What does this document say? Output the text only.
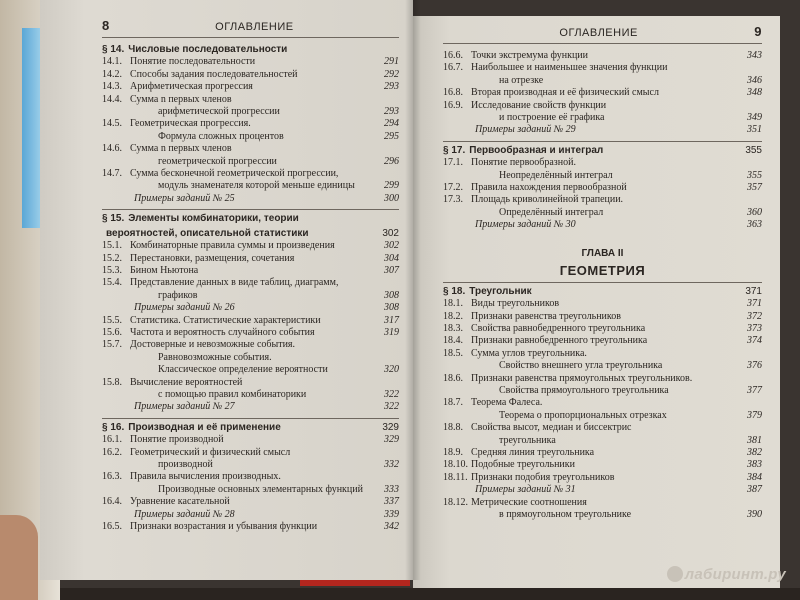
8	ОГЛАВЛЕНИЕ
§ 14. Числовые последовательности
14.1. Понятие последовательности	291
14.2. Способы задания последовательностей	292
14.3. Арифметическая прогрессия	293
14.4. Сумма n первых членов
арифметической прогрессии	293
14.5. Геометрическая прогрессия.	294
Формула сложных процентов	295
14.6. Сумма n первых членов
геометрической прогрессии	296
14.7. Сумма бесконечной геометрической прогрессии,
модуль знаменателя которой меньше единицы	299
Примеры заданий № 25	300
§ 15. Элементы комбинаторики, теории
вероятностей, описательной статистики	302
15.1. Комбинаторные правила суммы и произведения	302
15.2. Перестановки, размещения, сочетания	304
15.3. Бином Ньютона	307
15.4. Представление данных в виде таблиц, диаграмм,
графиков	308
Примеры заданий № 26	308
15.5. Статистика. Статистические характеристики	317
15.6. Частота и вероятность случайного события	319
15.7. Достоверные и невозможные события.
Равновозможные события.
Классическое определение вероятности	320
15.8. Вычисление вероятностей
с помощью правил комбинаторики	322
Примеры заданий № 27	322
§ 16. Производная и её применение	329
16.1. Понятие производной	329
16.2. Геометрический и физический смысл
производной	332
16.3. Правила вычисления производных.
Производные основных элементарных функций	333
16.4. Уравнение касательной	337
Примеры заданий № 28	339
16.5. Признаки возрастания и убывания функции	342
ОГЛАВЛЕНИЕ	9
16.6. Точки экстремума функции	343
16.7. Наибольшее и наименьшее значения функции
на отрезке	346
16.8. Вторая производная и её физический смысл	348
16.9. Исследование свойств функции
и построение её графика	349
Примеры заданий № 29	351
§ 17. Первообразная и интеграл	355
17.1. Понятие первообразной.
Неопределённый интеграл	355
17.2. Правила нахождения первообразной	357
17.3. Площадь криволинейной трапеции.
Определённый интеграл	360
Примеры заданий № 30	363
ГЛАВА II
ГЕОМЕТРИЯ
§ 18. Треугольник	371
18.1. Виды треугольников	371
18.2. Признаки равенства треугольников	372
18.3. Свойства равнобедренного треугольника	373
18.4. Признаки равнобедренного треугольника	374
18.5. Сумма углов треугольника.
Свойство внешнего угла треугольника	376
18.6. Признаки равенства прямоугольных треугольников.
Свойства прямоугольного треугольника	377
18.7. Теорема Фалеса.
Теорема о пропорциональных отрезках	379
18.8. Свойства высот, медиан и биссектрис
треугольника	381
18.9. Средняя линия треугольника	382
18.10. Подобные треугольники	383
18.11. Признаки подобия треугольников	384
Примеры заданий № 31	387
18.12. Метрические соотношения
в прямоугольном треугольнике	390
лабиринт.ру
